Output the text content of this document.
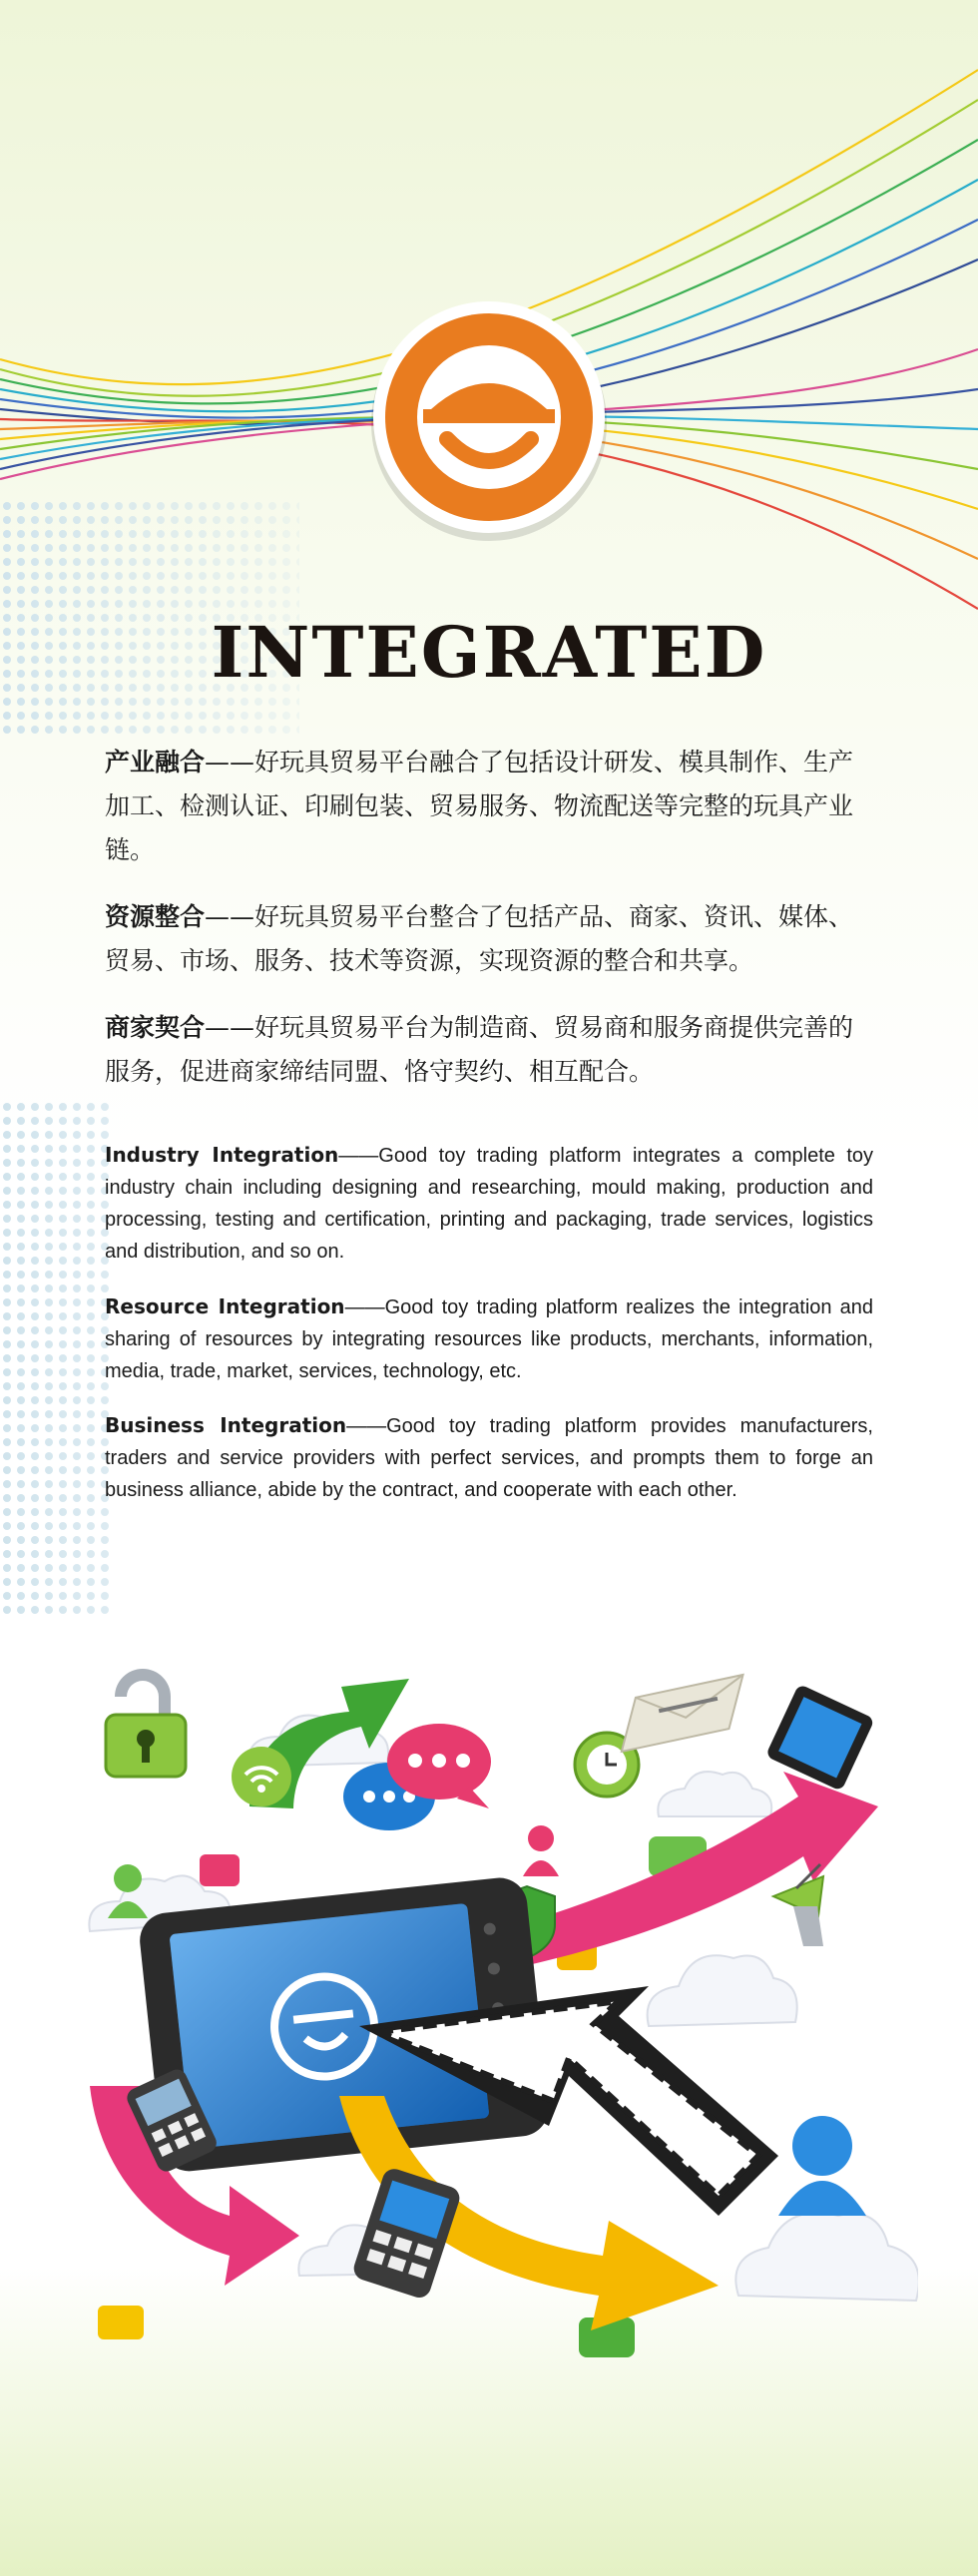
INTEGRATED

产业融合——好玩具贸易平台融合了包括设计研发、模具制作、生产加工、检测认证、印刷包装、贸易服务、物流配送等完整的玩具产业链。

资源整合——好玩具贸易平台整合了包括产品、商家、资讯、媒体、贸易、市场、服务、技术等资源，实现资源的整合和共享。

商家契合——好玩具贸易平台为制造商、贸易商和服务商提供完善的服务，促进商家缔结同盟、恪守契约、相互配合。

Industry Integration——Good toy trading platform integrates a complete toy industry chain including designing and researching, mould making, production and processing, testing and certification, printing and packaging, trade services, logistics and distribution, and so on.

Resource Integration——Good toy trading platform realizes the integration and sharing of resources by integrating resources like products, merchants, information, media, trade, market, services, technology, etc.

Business Integration——Good toy trading platform provides manufacturers, traders and service providers with perfect services, and prompts them to forge an business alliance, abide by the contract, and cooperate with each other.
